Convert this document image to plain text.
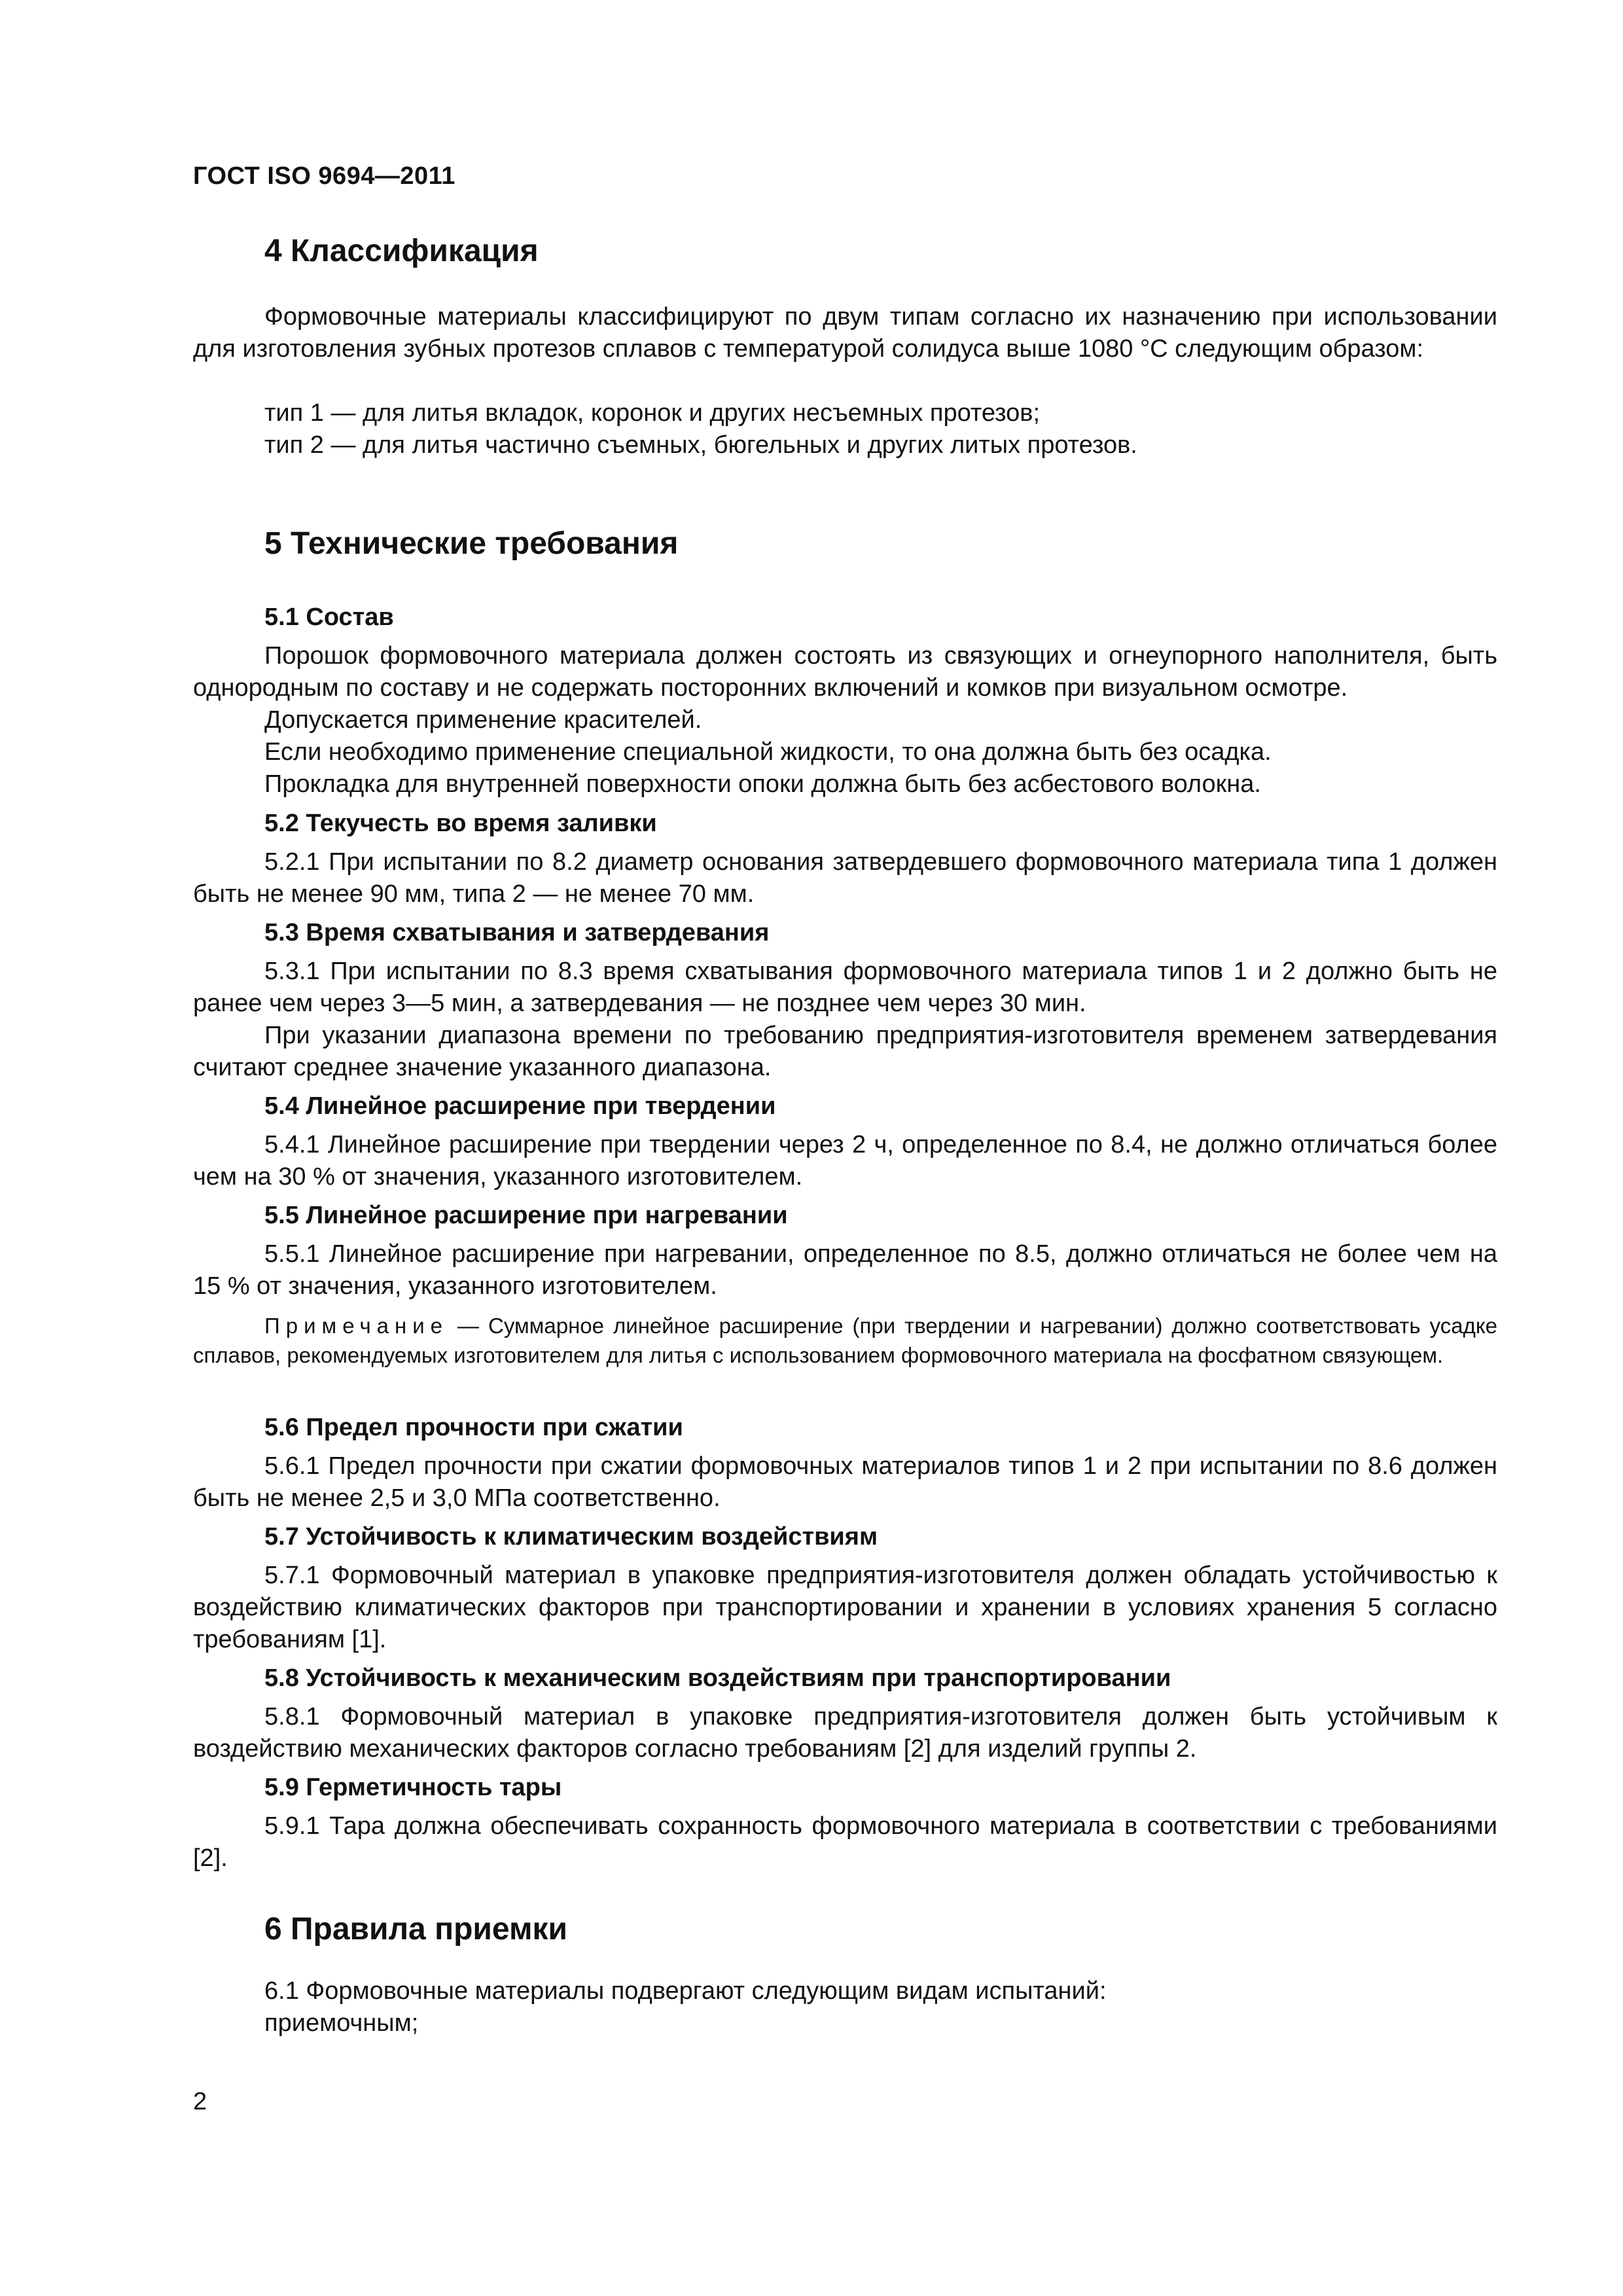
ГОСТ ISO 9694—2011
4 Классификация

Формовочные материалы классифицируют по двум типам согласно их назначению при использовании для изготовления зубных протезов сплавов с температурой солидуса выше 1080 °С следующим образом:

тип 1 — для литья вкладок, коронок и других несъемных протезов;
тип 2 — для литья частично съемных, бюгельных и других литых протезов.
5 Технические требования
5.1 Состав

Порошок формовочного материала должен состоять из связующих и огнеупорного наполнителя, быть однородным по составу и не содержать посторонних включений и комков при визуальном осмотре.

Допускается применение красителей.
Если необходимо применение специальной жидкости, то она должна быть без осадка.
Прокладка для внутренней поверхности опоки должна быть без асбестового волокна.
5.2 Текучесть во время заливки

5.2.1 При испытании по 8.2 диаметр основания затвердевшего формовочного материала типа 1 должен быть не менее 90 мм, типа 2 — не менее 70 мм.

5.3 Время схватывания и затвердевания

5.3.1 При испытании по 8.3 время схватывания формовочного материала типов 1 и 2 должно быть не ранее чем через 3—5 мин, а затвердевания — не позднее чем через 30 мин.

При указании диапазона времени по требованию предприятия-изготовителя временем затвердевания считают среднее значение указанного диапазона.

5.4 Линейное расширение при твердении

5.4.1 Линейное расширение при твердении через 2 ч, определенное по 8.4, не должно отличаться более чем на 30 % от значения, указанного изготовителем.

5.5 Линейное расширение при нагревании

5.5.1 Линейное расширение при нагревании, определенное по 8.5, должно отличаться не более чем на 15 % от значения, указанного изготовителем.

Примечание — Суммарное линейное расширение (при твердении и нагревании) должно соответствовать усадке сплавов, рекомендуемых изготовителем для литья с использованием формовочного материала на фосфатном связующем.

5.6 Предел прочности при сжатии

5.6.1 Предел прочности при сжатии формовочных материалов типов 1 и 2 при испытании по 8.6 должен быть не менее 2,5 и 3,0 МПа соответственно.

5.7 Устойчивость к климатическим воздействиям

5.7.1 Формовочный материал в упаковке предприятия-изготовителя должен обладать устойчивостью к воздействию климатических факторов при транспортировании и хранении в условиях хранения 5 согласно требованиям [1].

5.8 Устойчивость к механическим воздействиям при транспортировании

5.8.1 Формовочный материал в упаковке предприятия-изготовителя должен быть устойчивым к воздействию механических факторов согласно требованиям [2] для изделий группы 2.

5.9 Герметичность тары

5.9.1 Тара должна обеспечивать сохранность формовочного материала в соответствии с требованиями [2].

6 Правила приемки
6.1 Формовочные материалы подвергают следующим видам испытаний:
приемочным;
2
